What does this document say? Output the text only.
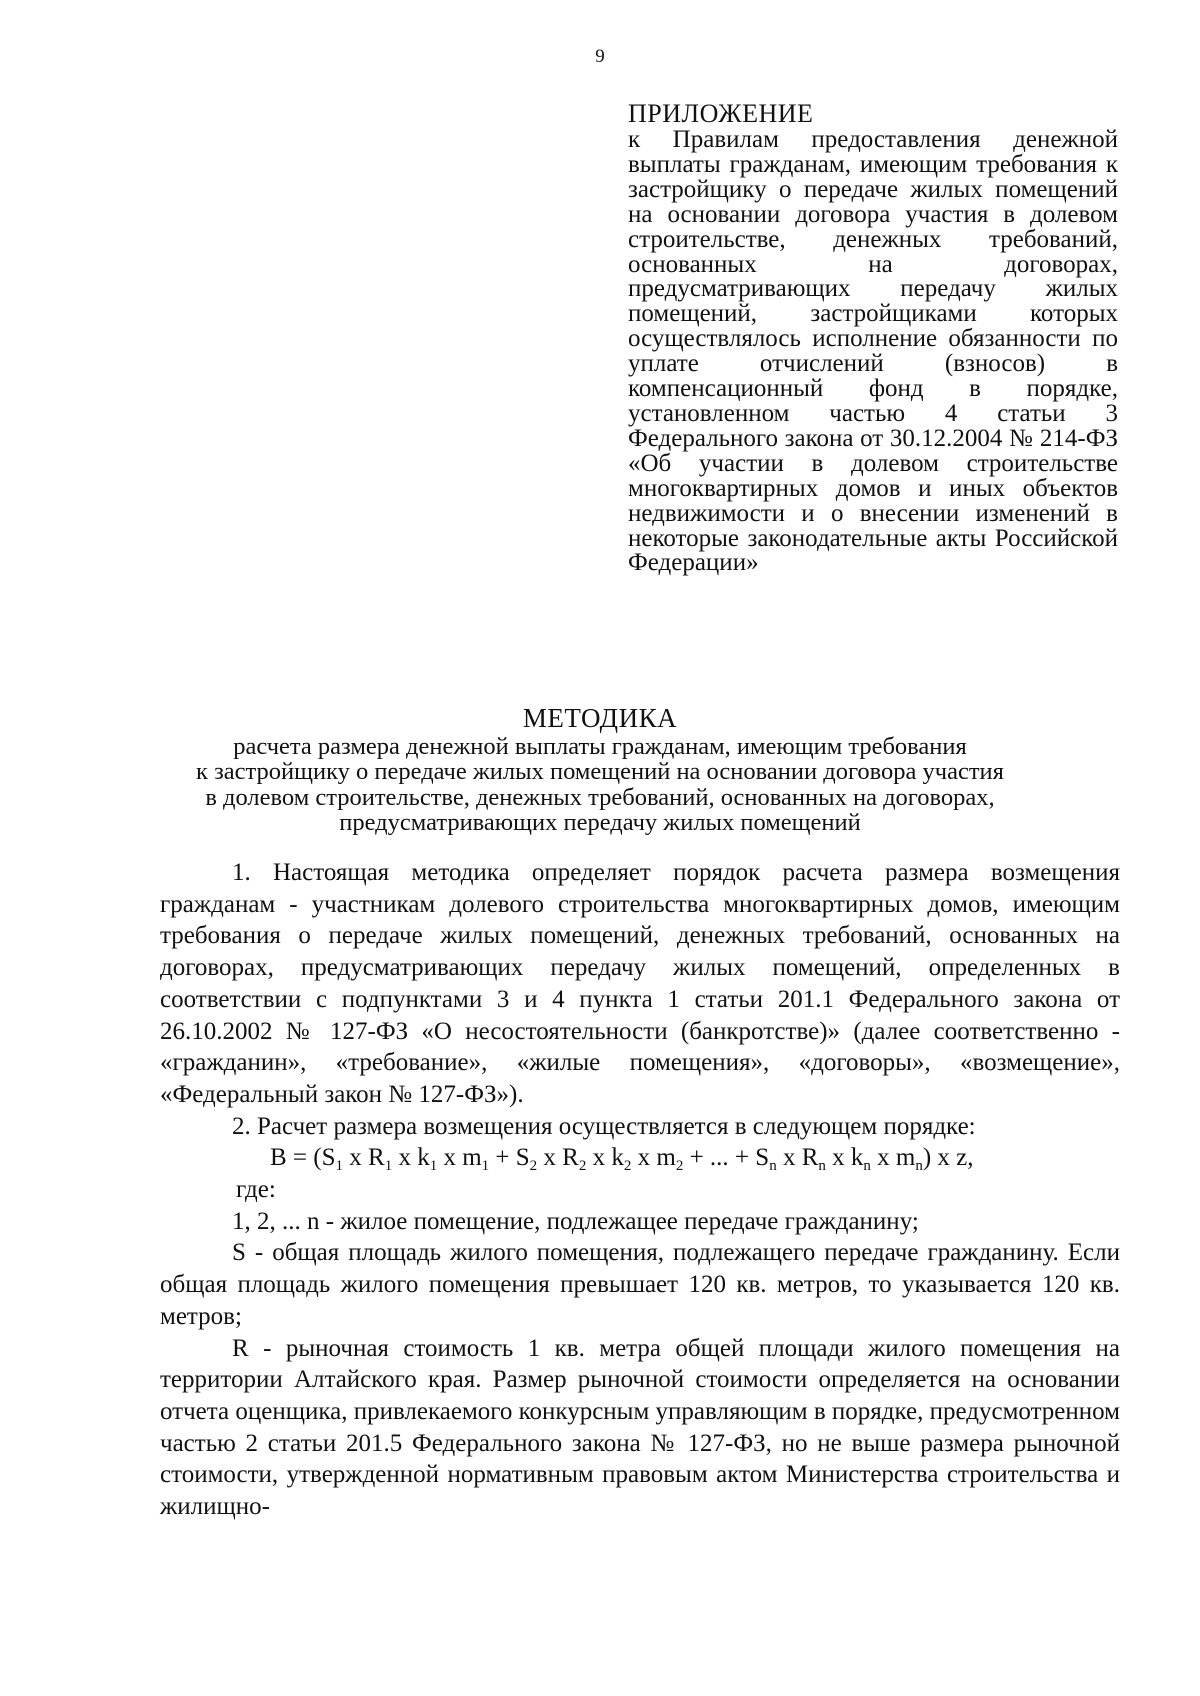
9
ПРИЛОЖЕНИЕ
к Правилам предоставления денежной выплаты гражданам, имеющим требования к застройщику о передаче жилых помещений на основании договора участия в долевом строительстве, денежных требований, основанных на договорах, предусматривающих передачу жилых помещений, застройщиками которых осуществлялось исполнение обязанности по уплате отчислений (взносов) в компенсационный фонд в порядке, установленном частью 4 статьи 3 Федерального закона от 30.12.2004 № 214-ФЗ «Об участии в долевом строительстве многоквартирных домов и иных объектов недвижимости и о внесении изменений в некоторые законодательные акты Российской Федерации»
МЕТОДИКА
расчета размера денежной выплаты гражданам, имеющим требования
к застройщику о передаче жилых помещений на основании договора участия
в долевом строительстве, денежных требований, основанных на договорах,
предусматривающих передачу жилых помещений

1. Настоящая методика определяет порядок расчета размера возмещения гражданам - участникам долевого строительства многоквартирных домов, имеющим требования о передаче жилых помещений, денежных требований, основанных на договорах, предусматривающих передачу жилых помещений, определенных в соответствии с подпунктами 3 и 4 пункта 1 статьи 201.1 Федерального закона от 26.10.2002 № 127-ФЗ «О несостоятельности (банкротстве)» (далее соответственно - «гражданин», «требование», «жилые помещения», «договоры», «возмещение», «Федеральный закон № 127-ФЗ»).

2. Расчет размера возмещения осуществляется в следующем порядке:

$В = (S_1$ x $R_1$ x $k_1$ x $m_1 + S_2$ x $R_2$ x $k_2$ x $m_2$ + ... + $S_n$ x $R_n$ x $k_n$ x $m_n$) x z,
где:

1, 2, ... n - жилое помещение, подлежащее передаче гражданину;

S - общая площадь жилого помещения, подлежащего передаче гражданину. Если общая площадь жилого помещения превышает 120 кв. метров, то указывается 120 кв. метров;

R - рыночная стоимость 1 кв. метра общей площади жилого помещения на территории Алтайского края. Размер рыночной стоимости определяется на основании отчета оценщика, привлекаемого конкурсным управляющим в порядке, предусмотренном частью 2 статьи 201.5 Федерального закона № 127-ФЗ, но не выше размера рыночной стоимости, утвержденной нормативным правовым актом Министерства строительства и жилищно-
